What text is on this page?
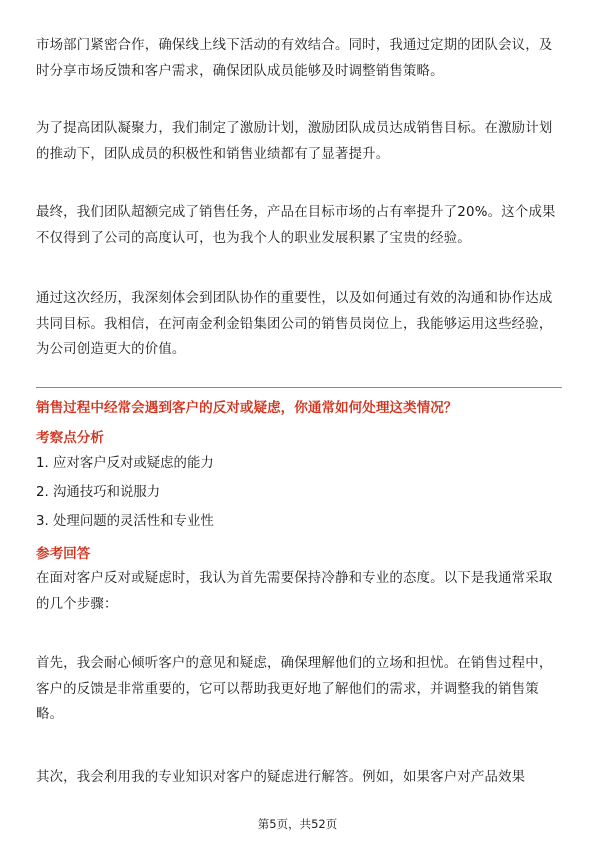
市场部门紧密合作，确保线上线下活动的有效结合。同时，我通过定期的团队会议，及时分享市场反馈和客户需求，确保团队成员能够及时调整销售策略。

为了提高团队凝聚力，我们制定了激励计划，激励团队成员达成销售目标。在激励计划的推动下，团队成员的积极性和销售业绩都有了显著提升。

最终，我们团队超额完成了销售任务，产品在目标市场的占有率提升了20%。这个成果不仅得到了公司的高度认可，也为我个人的职业发展积累了宝贵的经验。

通过这次经历，我深刻体会到团队协作的重要性，以及如何通过有效的沟通和协作达成共同目标。我相信，在河南金利金铅集团公司的销售员岗位上，我能够运用这些经验，为公司创造更大的价值。

销售过程中经常会遇到客户的反对或疑虑，你通常如何处理这类情况？

考察点分析

1. 应对客户反对或疑虑的能力

2. 沟通技巧和说服力

3. 处理问题的灵活性和专业性

参考回答

在面对客户反对或疑虑时，我认为首先需要保持冷静和专业的态度。以下是我通常采取的几个步骤：

首先，我会耐心倾听客户的意见和疑虑，确保理解他们的立场和担忧。在销售过程中，客户的反馈是非常重要的，它可以帮助我更好地了解他们的需求，并调整我的销售策略。

其次，我会利用我的专业知识对客户的疑虑进行解答。例如，如果客户对产品效果

第5页，共52页
